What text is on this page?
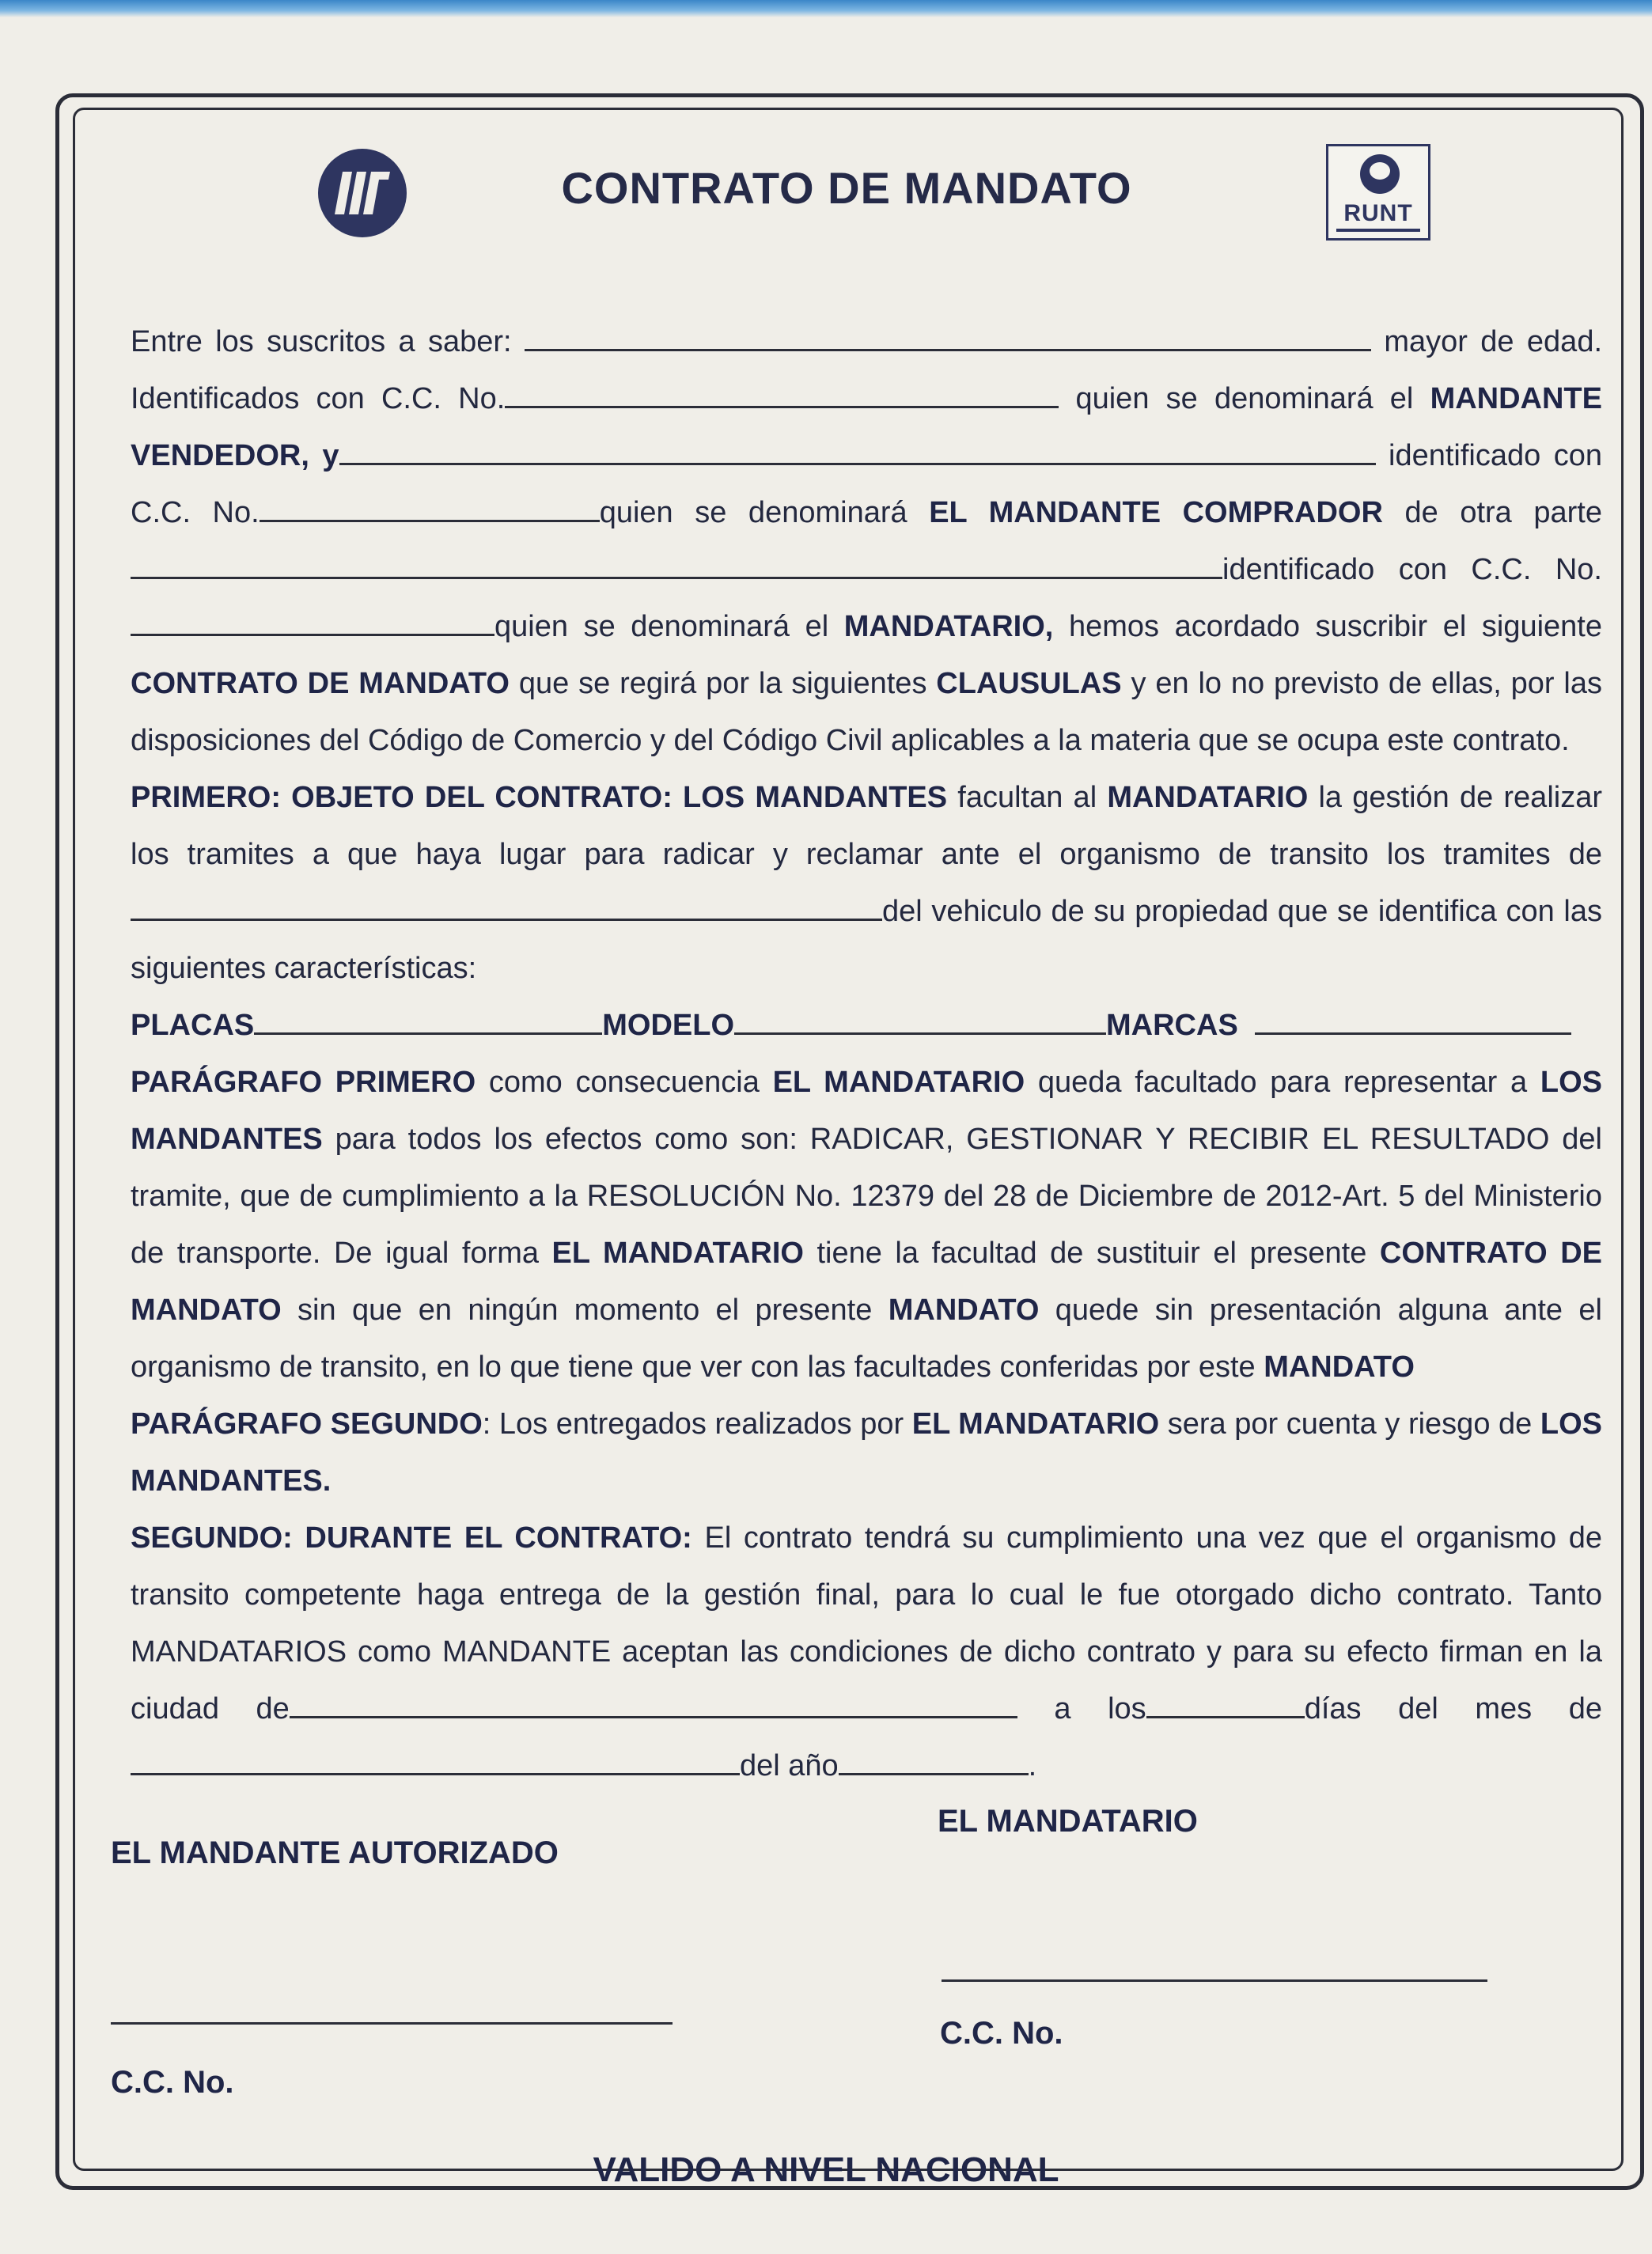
CONTRATO DE MANDATO
RUNT

Entre los suscritos a saber:	mayor de edad. Identificados con C.C. No.	quien se denominará el MANDANTE VENDEDOR, y	identificado con C.C. No.	quien se denominará EL MANDANTE COMPRADOR de otra parte identificado con C.C. No. quien se denominará el MANDATARIO, hemos acordado suscribir el siguiente CONTRATO DE MANDATO que se regirá por la siguientes CLAUSULAS y en lo no previsto de ellas, por las disposiciones del Código de Comercio y del Código Civil aplicables a la materia que se ocupa este contrato.

PRIMERO: OBJETO DEL CONTRATO: LOS MANDANTES facultan al MANDATARIO la gestión de realizar los tramites a que haya lugar para radicar y reclamar ante el organismo de transito los tramites de del vehiculo de su propiedad que se identifica con las siguientes características:

PLACAS	MODELO	MARCAS

PARÁGRAFO PRIMERO como consecuencia EL MANDATARIO queda facultado para representar a LOS MANDANTES para todos los efectos como son: RADICAR, GESTIONAR Y RECIBIR EL RESULTADO del tramite, que de cumplimiento a la RESOLUCIÓN No. 12379 del 28 de Diciembre de 2012-Art. 5 del Ministerio de transporte. De igual forma EL MANDATARIO tiene la facultad de sustituir el presente CONTRATO DE MANDATO sin que en ningún momento el presente MANDATO quede sin presentación alguna ante el organismo de transito, en lo que tiene que ver con las facultades conferidas por este MANDATO

PARÁGRAFO SEGUNDO: Los entregados realizados por EL MANDATARIO sera por cuenta y riesgo de LOS MANDANTES.

SEGUNDO: DURANTE EL CONTRATO: El contrato tendrá su cumplimiento una vez que el organismo de transito competente haga entrega de la gestión final, para lo cual le fue otorgado dicho contrato. Tanto MANDATARIOS como MANDANTE aceptan las condiciones de dicho contrato y para su efecto firman en la ciudad de	a los	días del mes de del año	.

EL MANDANTE AUTORIZADO
EL MANDATARIO
C.C. No.
C.C. No.
VALIDO A NIVEL NACIONAL
